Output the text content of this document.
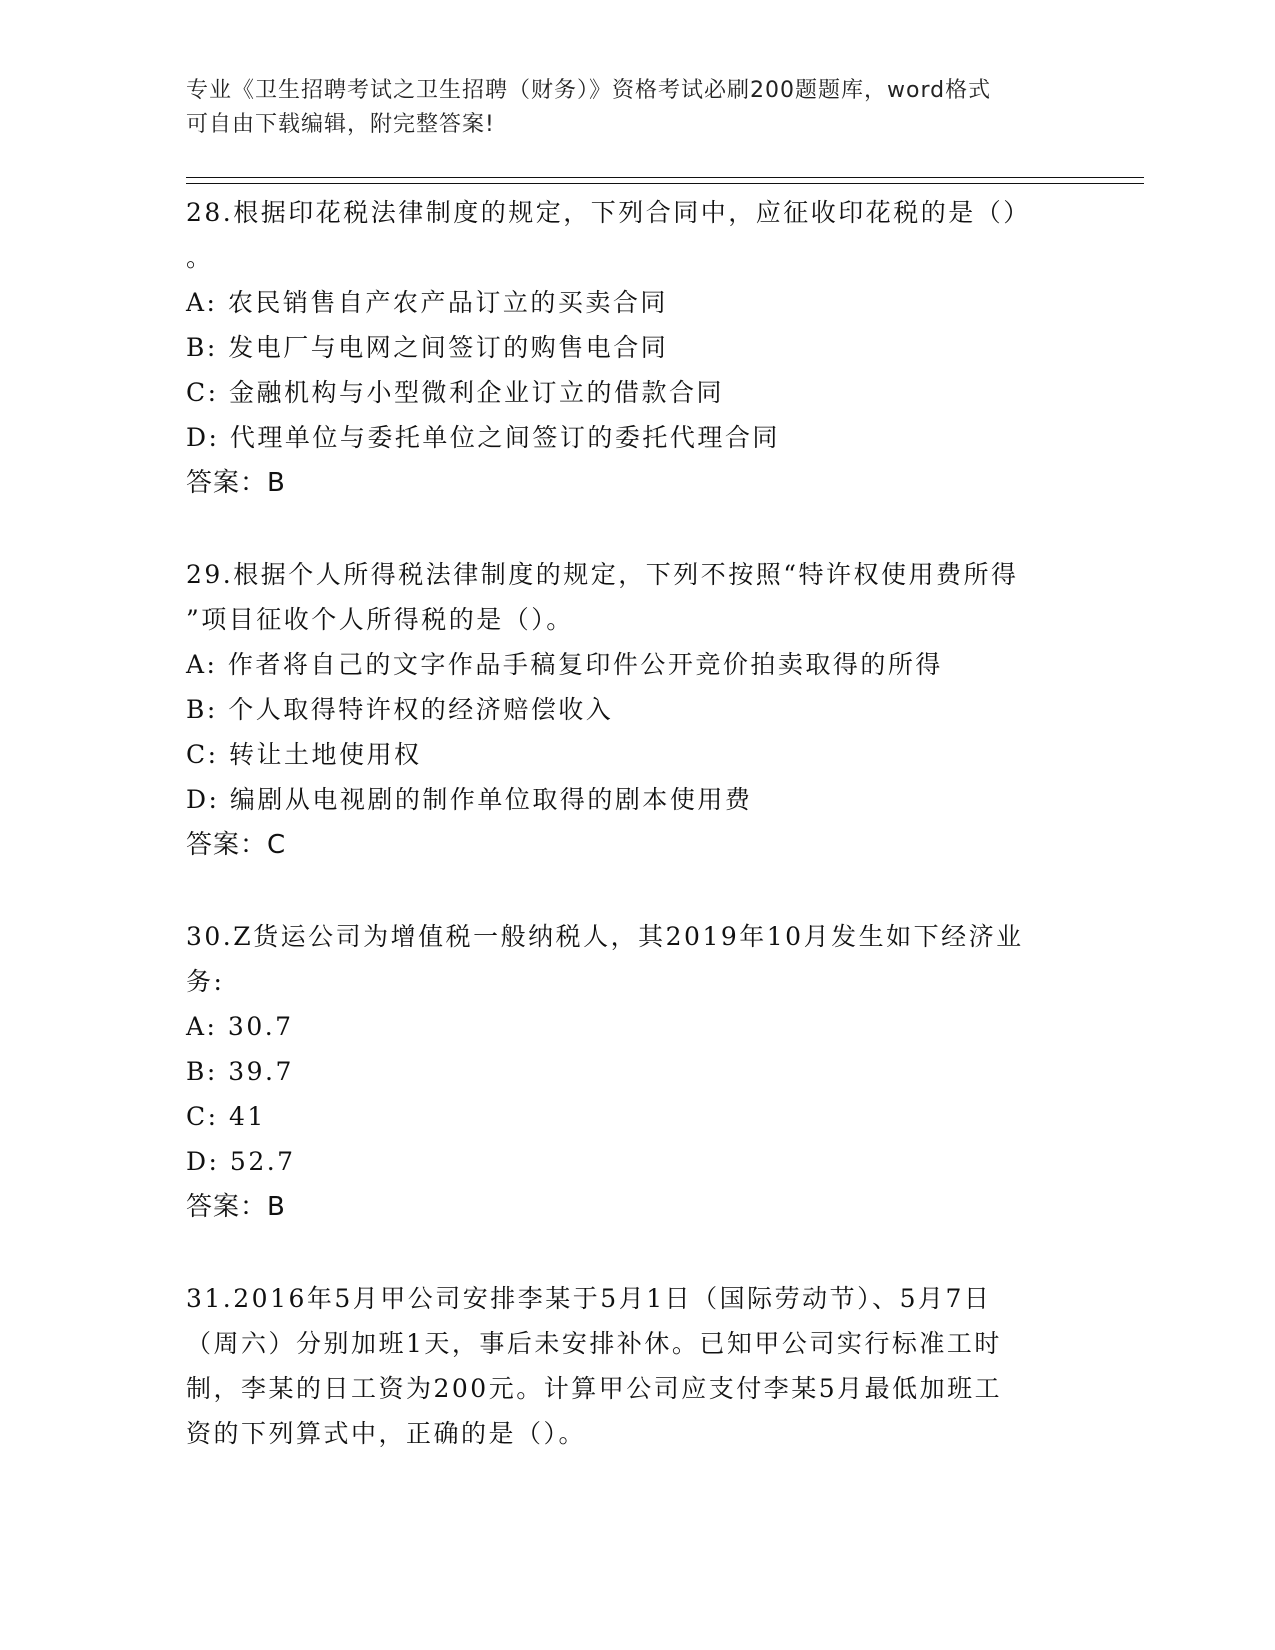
专业《卫生招聘考试之卫生招聘（财务）》资格考试必刷200题题库，word格式
可自由下载编辑，附完整答案!

28.根据印花税法律制度的规定，下列合同中，应征收印花税的是（）

。

A: 农民销售自产农产品订立的买卖合同

B: 发电厂与电网之间签订的购售电合同

C: 金融机构与小型微利企业订立的借款合同

D: 代理单位与委托单位之间签订的委托代理合同

答案：B

29.根据个人所得税法律制度的规定，下列不按照“特许权使用费所得

”项目征收个人所得税的是（）。

A: 作者将自己的文字作品手稿复印件公开竞价拍卖取得的所得

B: 个人取得特许权的经济赔偿收入

C: 转让土地使用权

D: 编剧从电视剧的制作单位取得的剧本使用费

答案：C

30.Z货运公司为增值税一般纳税人，其2019年10月发生如下经济业

务:

A: 30.7

B: 39.7

C: 41

D: 52.7

答案：B

31.2016年5月甲公司安排李某于5月1日（国际劳动节）、5月7日

（周六）分别加班1天，事后未安排补休。已知甲公司实行标准工时

制，李某的日工资为200元。计算甲公司应支付李某5月最低加班工

资的下列算式中，正确的是（）。
